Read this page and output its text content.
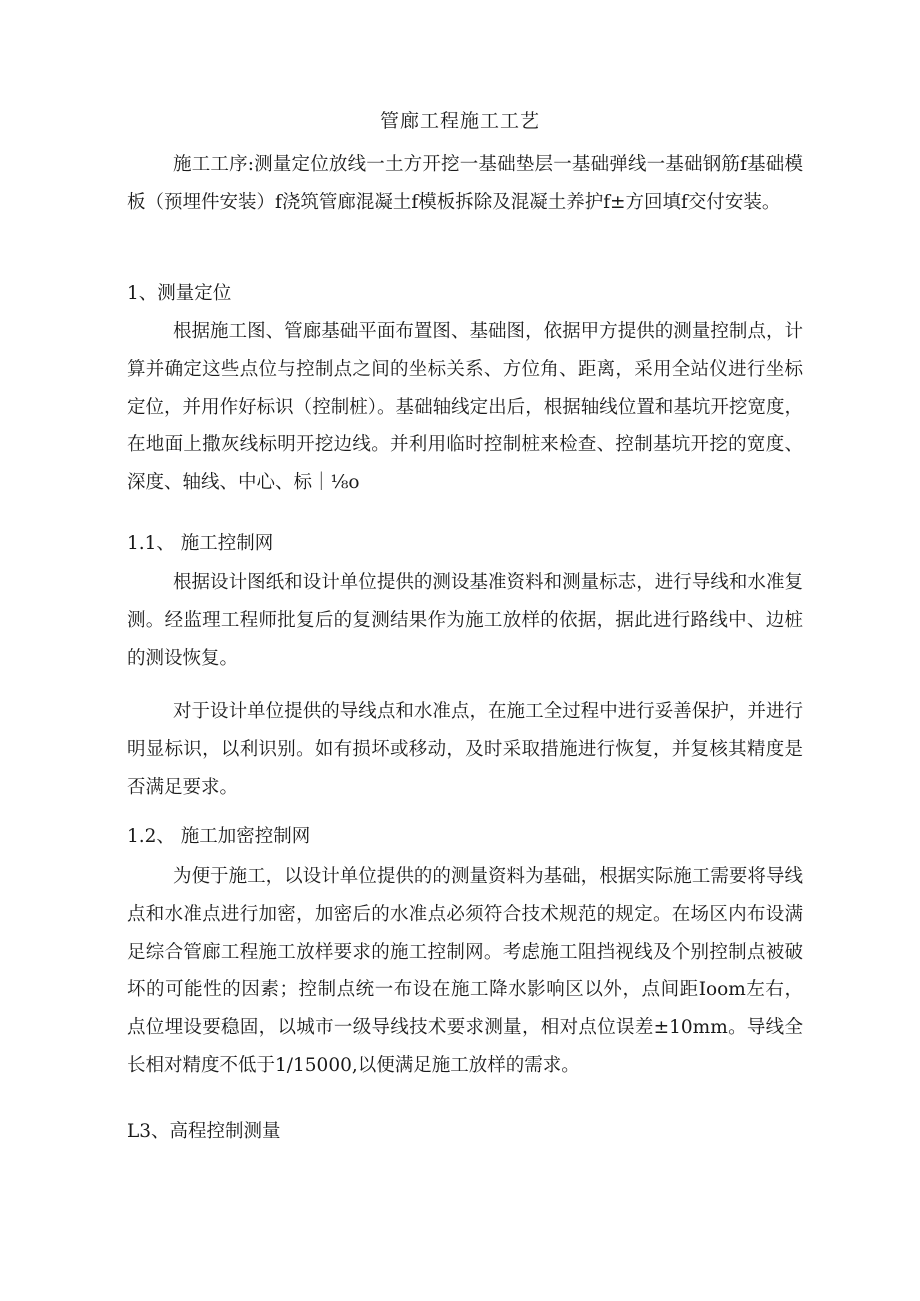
管廊工程施工工艺

施工工序:测量定位放线一土方开挖一基础垫层一基础弹线一基础钢筋f基础模板（预埋件安装）f浇筑管廊混凝土f模板拆除及混凝土养护f±方回填f交付安装。

1、测量定位

根据施工图、管廊基础平面布置图、基础图，依据甲方提供的测量控制点，计算并确定这些点位与控制点之间的坐标关系、方位角、距离，采用全站仪进行坐标定位，并用作好标识（控制桩）。基础轴线定出后，根据轴线位置和基坑开挖宽度，在地面上撒灰线标明开挖边线。并利用临时控制桩来检查、控制基坑开挖的宽度、深度、轴线、中心、标｜⅛o

1.1、 施工控制网

根据设计图纸和设计单位提供的测设基准资料和测量标志，进行导线和水准复测。经监理工程师批复后的复测结果作为施工放样的依据，据此进行路线中、边桩的测设恢复。

对于设计单位提供的导线点和水准点，在施工全过程中进行妥善保护，并进行明显标识，以利识别。如有损坏或移动，及时采取措施进行恢复，并复核其精度是否满足要求。

1.2、 施工加密控制网

为便于施工，以设计单位提供的的测量资料为基础，根据实际施工需要将导线点和水准点进行加密，加密后的水准点必须符合技术规范的规定。在场区内布设满足综合管廊工程施工放样要求的施工控制网。考虑施工阻挡视线及个别控制点被破坏的可能性的因素；控制点统一布设在施工降水影响区以外，点间距Ioom左右，点位埋设要稳固，以城市一级导线技术要求测量，相对点位误差±10mm。导线全长相对精度不低于1/15000,以便满足施工放样的需求。

L3、高程控制测量
